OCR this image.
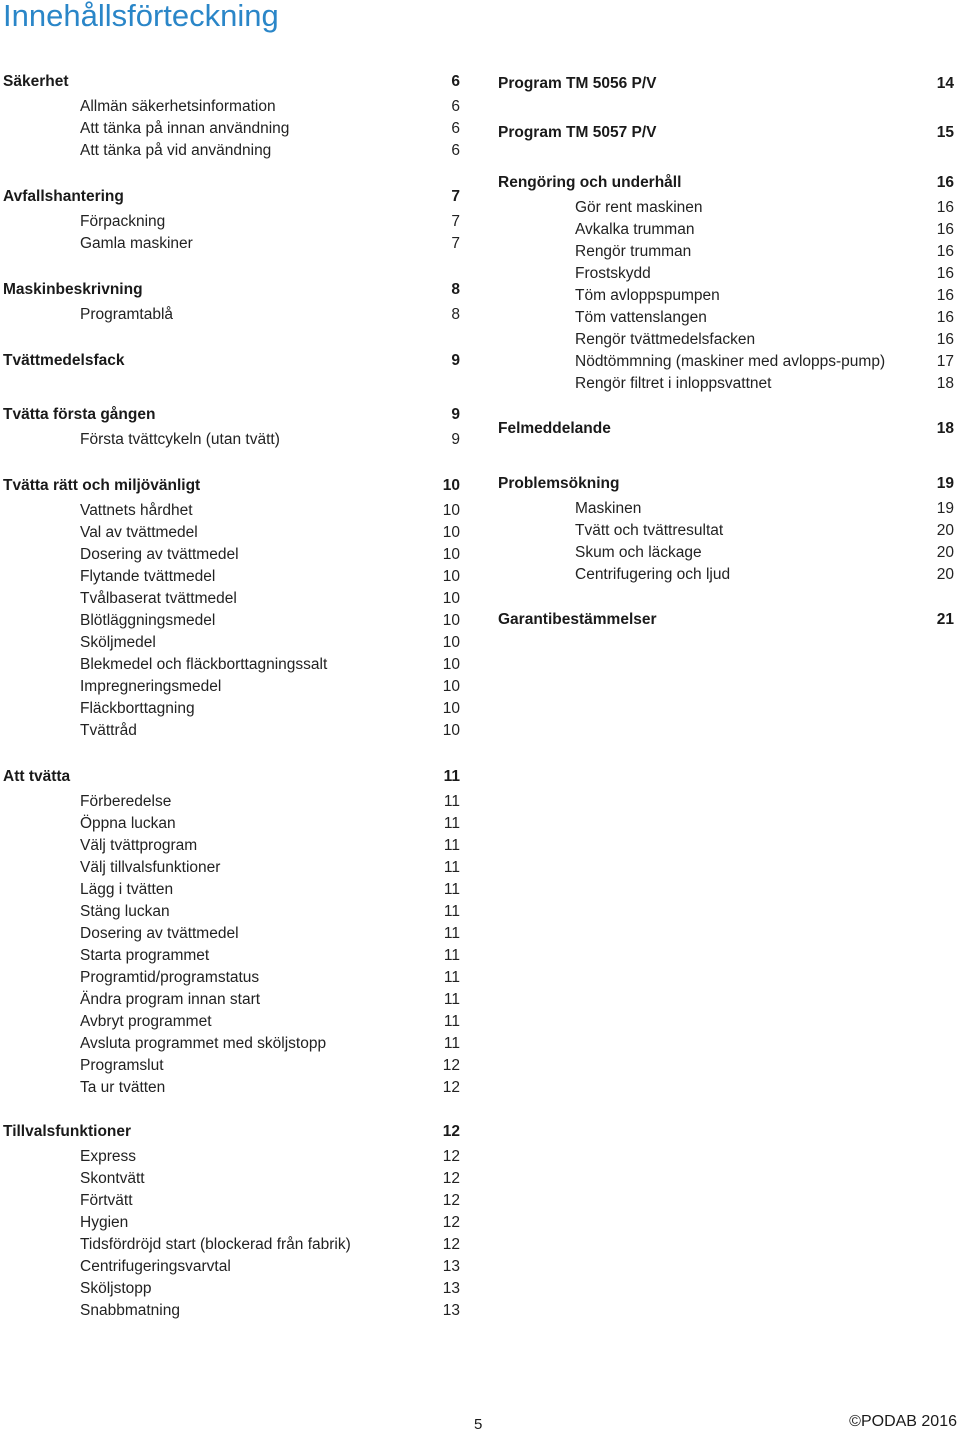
Innehållsförteckning
Säkerhet	6
Allmän säkerhetsinformation	6
Att tänka på innan användning	6
Att tänka på vid användning	6
Avfallshantering	7
Förpackning	7
Gamla maskiner	7
Maskinbeskrivning	8
Programtablå	8
Tvättmedelsfack	9
Tvätta första gången	9
Första tvättcykeln (utan tvätt)	9
Tvätta rätt och miljövänligt	10
Vattnets hårdhet	10
Val av tvättmedel	10
Dosering av tvättmedel	10
Flytande tvättmedel	10
Tvålbaserat tvättmedel	10
Blötläggningsmedel	10
Sköljmedel	10
Blekmedel och fläckborttagningssalt	10
Impregneringsmedel	10
Fläckborttagning	10
Tvättråd	10
Att tvätta	11
Förberedelse	11
Öppna luckan	11
Välj tvättprogram	11
Välj tillvalsfunktioner	11
Lägg i tvätten	11
Stäng luckan	11
Dosering av tvättmedel	11
Starta programmet	11
Programtid/programstatus	11
Ändra program innan start	11
Avbryt programmet	11
Avsluta programmet med sköljstopp	11
Programslut	12
Ta ur tvätten	12
Tillvalsfunktioner	12
Express	12
Skontvätt	12
Förtvätt	12
Hygien	12
Tidsfördröjd start (blockerad från fabrik)	12
Centrifugeringsvarvtal	13
Sköljstopp	13
Snabbmatning	13
Program TM 5056 P/V	14
Program TM 5057 P/V	15
Rengöring och underhåll	16
Gör rent maskinen	16
Avkalka trumman	16
Rengör trumman	16
Frostskydd	16
Töm avloppspumpen	16
Töm vattenslangen	16
Rengör tvättmedelsfacken	16
Nödtömmning (maskiner med avlopps-pump)	17
Rengör filtret i inloppsvattnet	18
Felmeddelande	18
Problemsökning	19
Maskinen	19
Tvätt och tvättresultat	20
Skum och läckage	20
Centrifugering och ljud	20
Garantibestämmelser	21
5	©PODAB 2016
